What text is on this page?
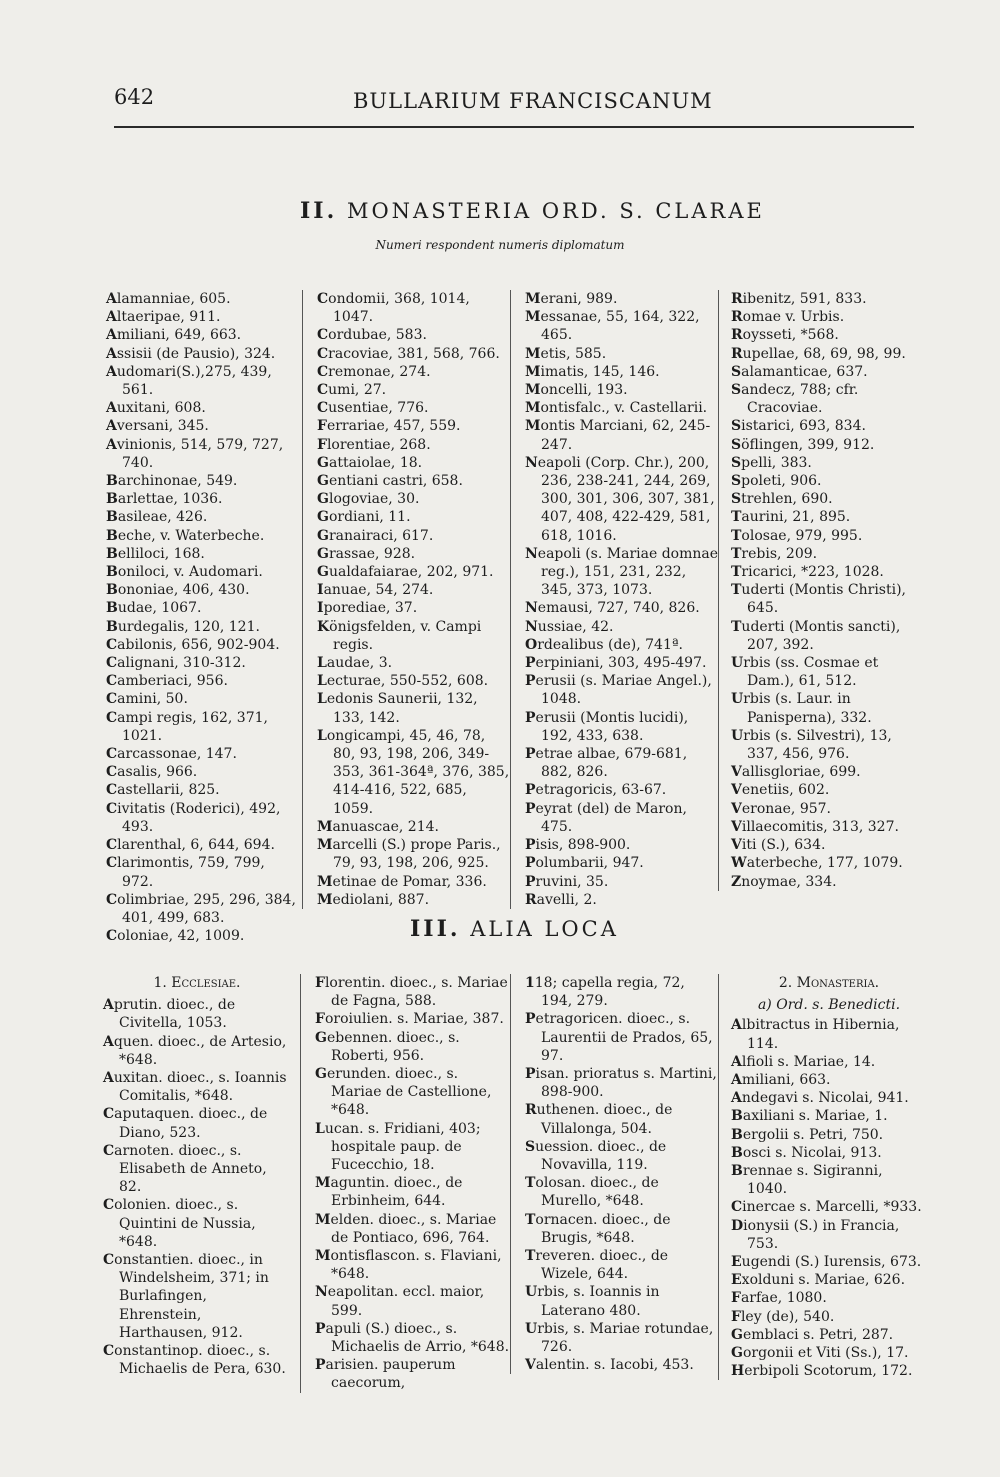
642	BULLARIUM FRANCISCANUM
II. MONASTERIA ORD. S. CLARAE
Numeri respondent numeris diplomatum

Alamanniae, 605.

Altaeripae, 911.

Amiliani, 649, 663.

Assisii (de Pausio), 324.

Audomari(S.),275, 439, 561.

Auxitani, 608.

Aversani, 345.

Avinionis, 514, 579, 727, 740.

Barchinonae, 549.

Barlettae, 1036.

Basileae, 426.

Beche, v. Waterbeche.

Belliloci, 168.

Boniloci, v. Audomari.

Bononiae, 406, 430.

Budae, 1067.

Burdegalis, 120, 121.

Cabilonis, 656, 902-904.

Calignani, 310-312.

Camberiaci, 956.

Camini, 50.

Campi regis, 162, 371, 1021.

Carcassonae, 147.

Casalis, 966.

Castellarii, 825.

Civitatis (Roderici), 492, 493.

Clarenthal, 6, 644, 694.

Clarimontis, 759, 799, 972.

Colimbriae, 295, 296, 384, 401, 499, 683.

Coloniae, 42, 1009.

Condomii, 368, 1014, 1047.

Cordubae, 583.

Cracoviae, 381, 568, 766.

Cremonae, 274.

Cumi, 27.

Cusentiae, 776.

Ferrariae, 457, 559.

Florentiae, 268.

Gattaiolae, 18.

Gentiani castri, 658.

Glogoviae, 30.

Gordiani, 11.

Granairaci, 617.

Grassae, 928.

Gualdafaiarae, 202, 971.

Ianuae, 54, 274.

Iporediae, 37.

Königsfelden, v. Campi regis.

Laudae, 3.

Lecturae, 550-552, 608.

Ledonis Saunerii, 132, 133, 142.

Longicampi, 45, 46, 78, 80, 93, 198, 206, 349-353, 361-364ª, 376, 385, 414-416, 522, 685, 1059.

Manuascae, 214.

Marcelli (S.) prope Paris., 79, 93, 198, 206, 925.

Metinae de Pomar, 336.

Mediolani, 887.

Merani, 989.

Messanae, 55, 164, 322, 465.

Metis, 585.

Mimatis, 145, 146.

Moncelli, 193.

Montisfalc., v. Castellarii.

Montis Marciani, 62, 245-247.

Neapoli (Corp. Chr.), 200, 236, 238-241, 244, 269, 300, 301, 306, 307, 381, 407, 408, 422-429, 581, 618, 1016.

Neapoli (s. Mariae domnae reg.), 151, 231, 232, 345, 373, 1073.

Nemausi, 727, 740, 826.

Nussiae, 42.

Ordealibus (de), 741ª.

Perpiniani, 303, 495-497.

Perusii (s. Mariae Angel.), 1048.

Perusii (Montis lucidi), 192, 433, 638.

Petrae albae, 679-681, 882, 826.

Petragoricis, 63-67.

Peyrat (del) de Maron, 475.

Pisis, 898-900.

Polumbarii, 947.

Pruvini, 35.

Ravelli, 2.

Ribenitz, 591, 833.

Romae v. Urbis.

Roysseti, *568.

Rupellae, 68, 69, 98, 99.

Salamanticae, 637.

Sandecz, 788; cfr. Cracoviae.

Sistarici, 693, 834.

Söflingen, 399, 912.

Spelli, 383.

Spoleti, 906.

Strehlen, 690.

Taurini, 21, 895.

Tolosae, 979, 995.

Trebis, 209.

Tricarici, *223, 1028.

Tuderti (Montis Christi), 645.

Tuderti (Montis sancti), 207, 392.

Urbis (ss. Cosmae et Dam.), 61, 512.

Urbis (s. Laur. in Panisperna), 332.

Urbis (s. Silvestri), 13, 337, 456, 976.

Vallisgloriae, 699.

Venetiis, 602.

Veronae, 957.

Villaecomitis, 313, 327.

Viti (S.), 634.

Waterbeche, 177, 1079.

Znoymae, 334.

III. ALIA LOCA

1. Ecclesiae.

Aprutin. dioec., de Civitella, 1053.

Aquen. dioec., de Artesio, *648.

Auxitan. dioec., s. Ioannis Comitalis, *648.

Caputaquen. dioec., de Diano, 523.

Carnoten. dioec., s. Elisabeth de Anneto, 82.

Colonien. dioec., s. Quintini de Nussia, *648.

Constantien. dioec., in Windelsheim, 371; in Burlafingen, Ehrenstein, Harthausen, 912.

Constantinop. dioec., s. Michaelis de Pera, 630.

Florentin. dioec., s. Mariae de Fagna, 588.

Foroiulien. s. Mariae, 387.

Gebennen. dioec., s. Roberti, 956.

Gerunden. dioec., s. Mariae de Castellione, *648.

Lucan. s. Fridiani, 403; hospitale paup. de Fucecchio, 18.

Maguntin. dioec., de Erbinheim, 644.

Melden. dioec., s. Mariae de Pontiaco, 696, 764.

Montisflascon. s. Flaviani, *648.

Neapolitan. eccl. maior, 599.

Papuli (S.) dioec., s. Michaelis de Arrio, *648.

Parisien. pauperum caecorum,

118; capella regia, 72, 194, 279.

Petragoricen. dioec., s. Laurentii de Prados, 65, 97.

Pisan. prioratus s. Martini, 898-900.

Ruthenen. dioec., de Villalonga, 504.

Suession. dioec., de Novavilla, 119.

Tolosan. dioec., de Murello, *648.

Tornacen. dioec., de Brugis, *648.

Treveren. dioec., de Wizele, 644.

Urbis, s. Ioannis in Laterano 480.

Urbis, s. Mariae rotundae, 726.

Valentin. s. Iacobi, 453.

2. Monasteria.

a) Ord. s. Benedicti.

Albitractus in Hibernia, 114.

Alfioli s. Mariae, 14.

Amiliani, 663.

Andegavi s. Nicolai, 941.

Baxiliani s. Mariae, 1.

Bergolii s. Petri, 750.

Bosci s. Nicolai, 913.

Brennae s. Sigiranni, 1040.

Cinercae s. Marcelli, *933.

Dionysii (S.) in Francia, 753.

Eugendi (S.) Iurensis, 673.

Exolduni s. Mariae, 626.

Farfae, 1080.

Fley (de), 540.

Gemblaci s. Petri, 287.

Gorgonii et Viti (Ss.), 17.

Herbipoli Scotorum, 172.
